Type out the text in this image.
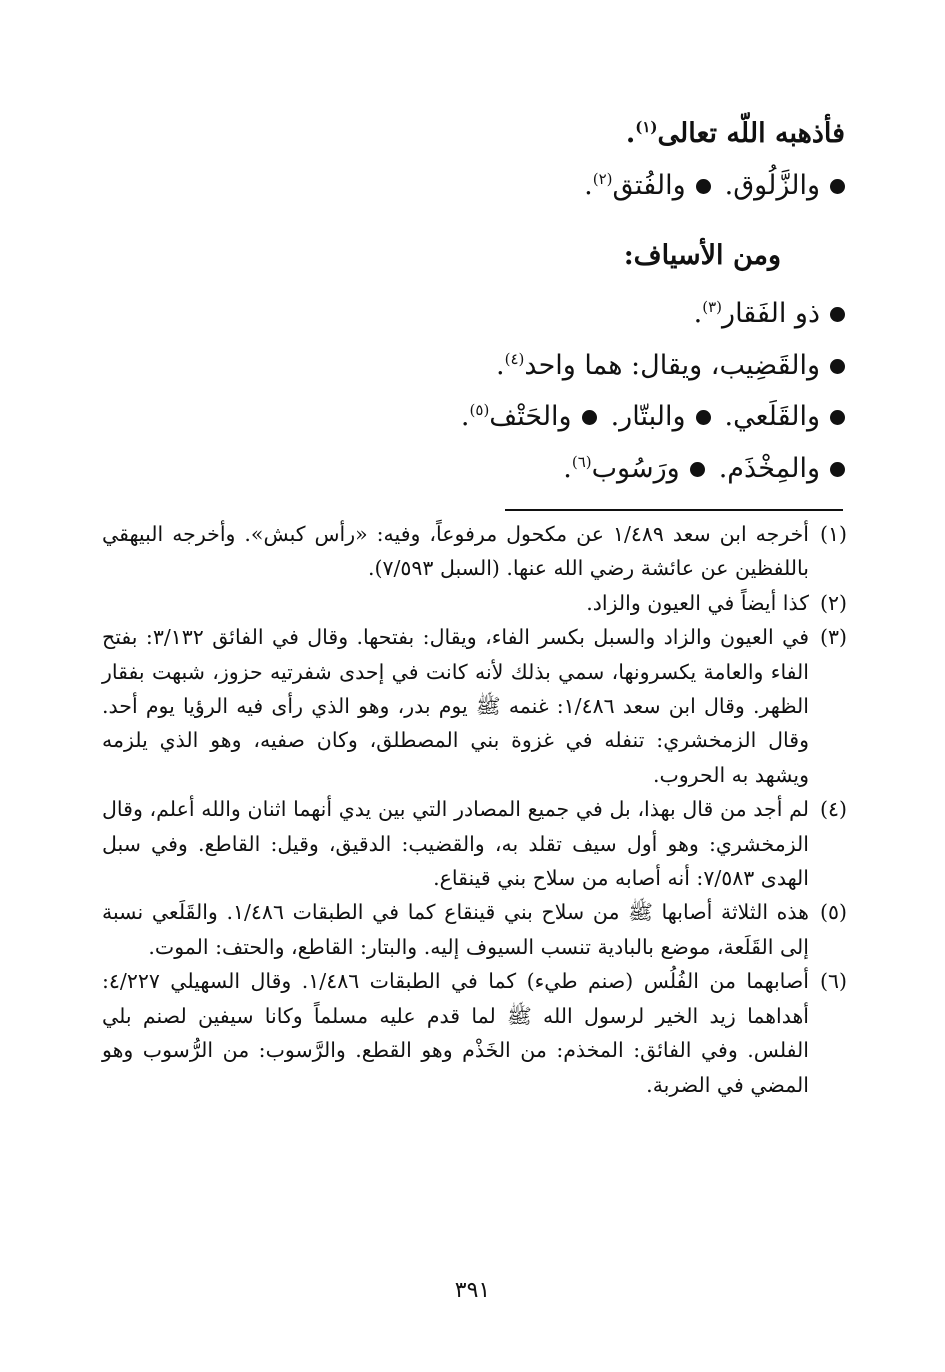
فأذهبه اللّه تعالى$^{(١)}$.
والزَّلُوق.والفُتق$^{(٢)}$.
ومن الأسياف:
ذو الفَقار$^{(٣)}$.
والقَضِيب، ويقال: هما واحد$^{(٤)}$.
والقَلَعي.والبتّار.والحَتْف$^{(٥)}$.
والمِخْذَم.ورَسُوب$^{(٦)}$.
(١)
أخرجه ابن سعد ١/٤٨٩ عن مكحول مرفوعاً، وفيه: «رأس كبش». وأخرجه البيهقي باللفظين عن عائشة رضي الله عنها. (السبل ٧/٥٩٣).
(٢)
كذا أيضاً في العيون والزاد.
(٣)
في العيون والزاد والسبل بكسر الفاء، ويقال: بفتحها. وقال في الفائق ٣/١٣٢: بفتح الفاء والعامة يكسرونها، سمي بذلك لأنه كانت في إحدى شفرتيه حزوز، شبهت بفقار الظهر. وقال ابن سعد ١/٤٨٦: غنمه ﷺ يوم بدر، وهو الذي رأى فيه الرؤيا يوم أحد. وقال الزمخشري: تنفله في غزوة بني المصطلق، وكان صفيه، وهو الذي يلزمه ويشهد به الحروب.
(٤)
لم أجد من قال بهذا، بل في جميع المصادر التي بين يدي أنهما اثنان والله أعلم، وقال الزمخشري: وهو أول سيف تقلد به، والقضيب: الدقيق، وقيل: القاطع. وفي سبل الهدى ٧/٥٨٣: أنه أصابه من سلاح بني قينقاع.
(٥)
هذه الثلاثة أصابها ﷺ من سلاح بني قينقاع كما في الطبقات ١/٤٨٦. والقَلَعي نسبة إلى القَلَعة، موضع بالبادية تنسب السيوف إليه. والبتار: القاطع، والحتف: الموت.
(٦)
أصابهما من الفُلُس (صنم طيء) كما في الطبقات ١/٤٨٦. وقال السهيلي ٤/٢٢٧: أهداهما زيد الخير لرسول الله ﷺ لما قدم عليه مسلماً وكانا سيفين لصنم بلي الفلس. وفي الفائق: المخذم: من الخَذْم وهو القطع. والرَّسوب: من الرُّسوب وهو المضي في الضربة.
٣٩١
